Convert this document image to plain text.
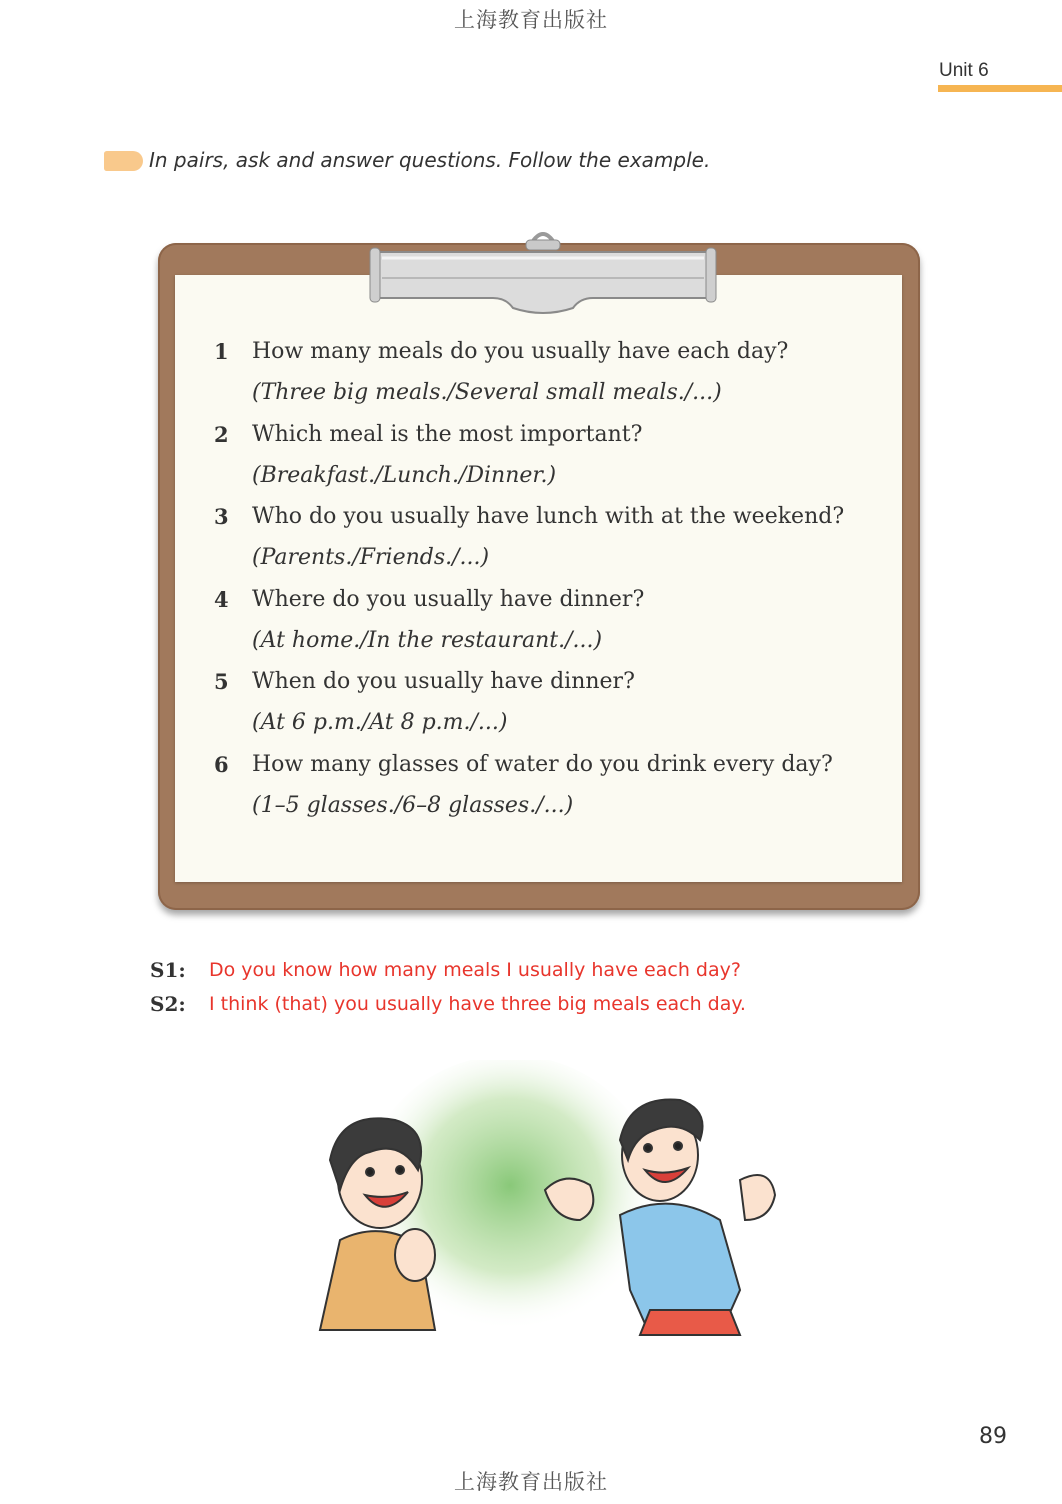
上海教育出版社
Unit 6
In pairs, ask and answer questions. Follow the example.
1 How many meals do you usually have each day?
(Three big meals./Several small meals./...)
2 Which meal is the most important?
(Breakfast./Lunch./Dinner.)
3 Who do you usually have lunch with at the weekend?
(Parents./Friends./...)
4 Where do you usually have dinner?
(At home./In the restaurant./...)
5 When do you usually have dinner?
(At 6 p.m./At 8 p.m./...)
6 How many glasses of water do you drink every day?
(1–5 glasses./6–8 glasses./...)
S1: Do you know how many meals I usually have each day?
S2: I think (that) you usually have three big meals each day.
89
上海教育出版社
